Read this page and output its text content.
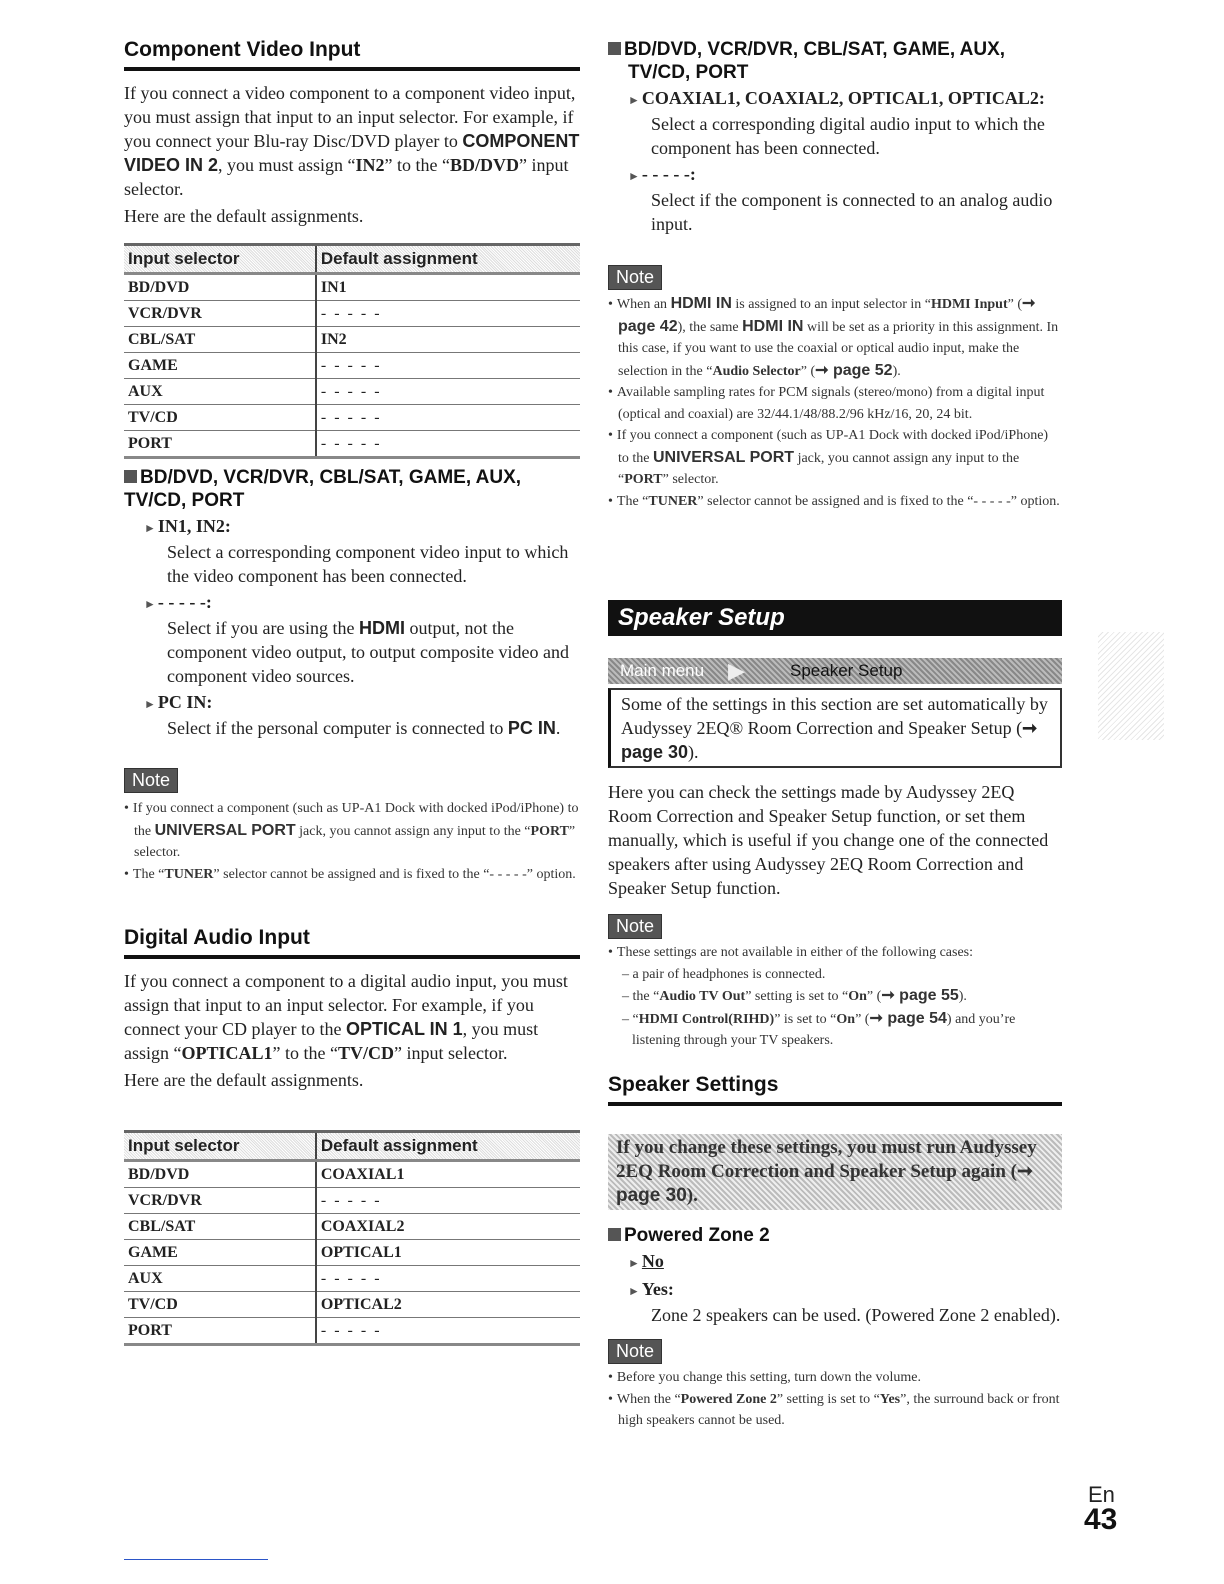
Component Video Input

If you connect a video component to a component video input, you must assign that input to an input selector. For example, if you connect your Blu-ray Disc/DVD player to COMPONENT VIDEO IN 2, you must assign “IN2” to the “BD/DVD” input selector.

Here are the default assignments.

Input selector	Default assignment
BD/DVD	IN1
VCR/DVR	- - - - -
CBL/SAT	IN2
GAME	- - - - -
AUX	- - - - -
TV/CD	- - - - -
PORT	- - - - -
BD/DVD, VCR/DVR, CBL/SAT, GAME, AUX, TV/CD, PORT
► IN1, IN2:
Select a corresponding component video input to which the video component has been connected.
► - - - - -:
Select if you are using the HDMI output, not the component video output, to output composite video and component video sources.
► PC IN:
Select if the personal computer is connected to PC IN.
Note
• If you connect a component (such as UP-A1 Dock with docked iPod/iPhone) to the UNIVERSAL PORT jack, you cannot assign any input to the “PORT” selector.
• The “TUNER” selector cannot be assigned and is fixed to the “- - - - -” option.
Digital Audio Input

If you connect a component to a digital audio input, you must assign that input to an input selector. For example, if you connect your CD player to the OPTICAL IN 1, you must assign “OPTICAL1” to the “TV/CD” input selector.

Here are the default assignments.

Input selector	Default assignment
BD/DVD	COAXIAL1
VCR/DVR	- - - - -
CBL/SAT	COAXIAL2
GAME	OPTICAL1
AUX	- - - - -
TV/CD	OPTICAL2
PORT	- - - - -
BD/DVD, VCR/DVR, CBL/SAT, GAME, AUX, TV/CD, PORT
► COAXIAL1, COAXIAL2, OPTICAL1, OPTICAL2:
Select a corresponding digital audio input to which the component has been connected.
► - - - - -:
Select if the component is connected to an analog audio input.
Note
• When an HDMI IN is assigned to an input selector in “HDMI Input” (➞ page 42), the same HDMI IN will be set as a priority in this assignment. In this case, if you want to use the coaxial or optical audio input, make the selection in the “Audio Selector” (➞ page 52).
• Available sampling rates for PCM signals (stereo/mono) from a digital input (optical and coaxial) are 32/44.1/48/88.2/96 kHz/16, 20, 24 bit.
• If you connect a component (such as UP-A1 Dock with docked iPod/iPhone) to the UNIVERSAL PORT jack, you cannot assign any input to the “PORT” selector.
• The “TUNER” selector cannot be assigned and is fixed to the “- - - - -” option.
Speaker Setup
Main menu ▶	Speaker Setup
Some of the settings in this section are set automatically by Audyssey 2EQ® Room Correction and Speaker Setup (➞ page 30).

Here you can check the settings made by Audyssey 2EQ Room Correction and Speaker Setup function, or set them manually, which is useful if you change one of the connected speakers after using Audyssey 2EQ Room Correction and Speaker Setup function.

Note
• These settings are not available in either of the following cases:
– a pair of headphones is connected.
– the “Audio TV Out” setting is set to “On” (➞ page 55).
– “HDMI Control(RIHD)” is set to “On” (➞ page 54) and you’re listening through your TV speakers.
Speaker Settings
If you change these settings, you must run Audyssey 2EQ Room Correction and Speaker Setup again (➞ page 30).
Powered Zone 2
► No
► Yes:
Zone 2 speakers can be used. (Powered Zone 2 enabled).
Note
• Before you change this setting, turn down the volume.
• When the “Powered Zone 2” setting is set to “Yes”, the surround back or front high speakers cannot be used.
En
43
